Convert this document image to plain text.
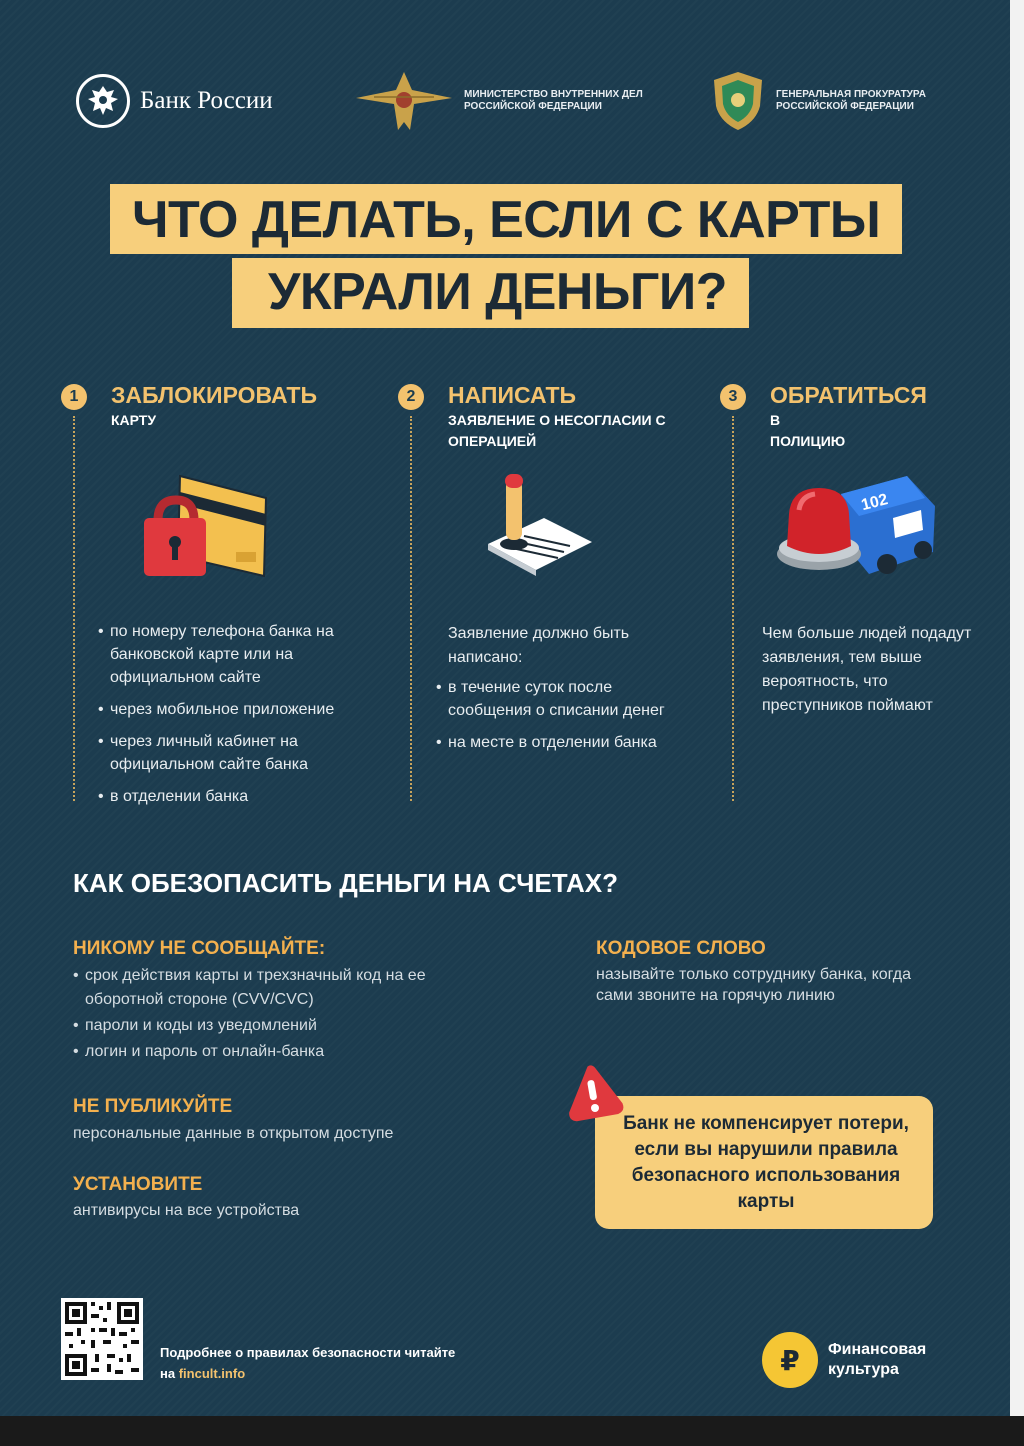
Банк России	МИНИСТЕРСТВО ВНУТРЕННИХ ДЕЛ РОССИЙСКОЙ ФЕДЕРАЦИИ
ГЕНЕРАЛЬНАЯ ПРОКУРАТУРА РОССИЙСКОЙ ФЕДЕРАЦИИ
ЧТО ДЕЛАТЬ, ЕСЛИ С КАРТЫ
УКРАЛИ ДЕНЬГИ?
1	ЗАБЛОКИРОВАТЬ
КАРТУ
• по номеру телефона банка на банковской карте или на официальном сайте
• через мобильное приложение
• через личный кабинет на официальном сайте банка
• в отделении банка
2	НАПИСАТЬ
ЗАЯВЛЕНИЕ О НЕСОГЛАСИИ С ОПЕРАЦИЕЙ
Заявление должно быть написано:
• в течение суток после сообщения о списании денег
• на месте в отделении банка
3	ОБРАТИТЬСЯ
В ПОЛИЦИЮ
102
Чем больше людей подадут заявления, тем выше вероятность, что преступников поймают
КАК ОБЕЗОПАСИТЬ ДЕНЬГИ НА СЧЕТАХ?
НИКОМУ НЕ СООБЩАЙТЕ:
• срок действия карты и трехзначный код на ее оборотной стороне (CVV/CVC)
• пароли и коды из уведомлений
• логин и пароль от онлайн-банка
НЕ ПУБЛИКУЙТЕ
персональные данные в открытом доступе
УСТАНОВИТЕ
антивирусы на все устройства
КОДОВОЕ СЛОВО
называйте только сотруднику банка, когда сами звоните на горячую линию
Банк не компенсирует потери, если вы нарушили правила безопасного использования карты
Подробнее о правилах безопасности читайте на fincult.info	₽	Финансовая культура
